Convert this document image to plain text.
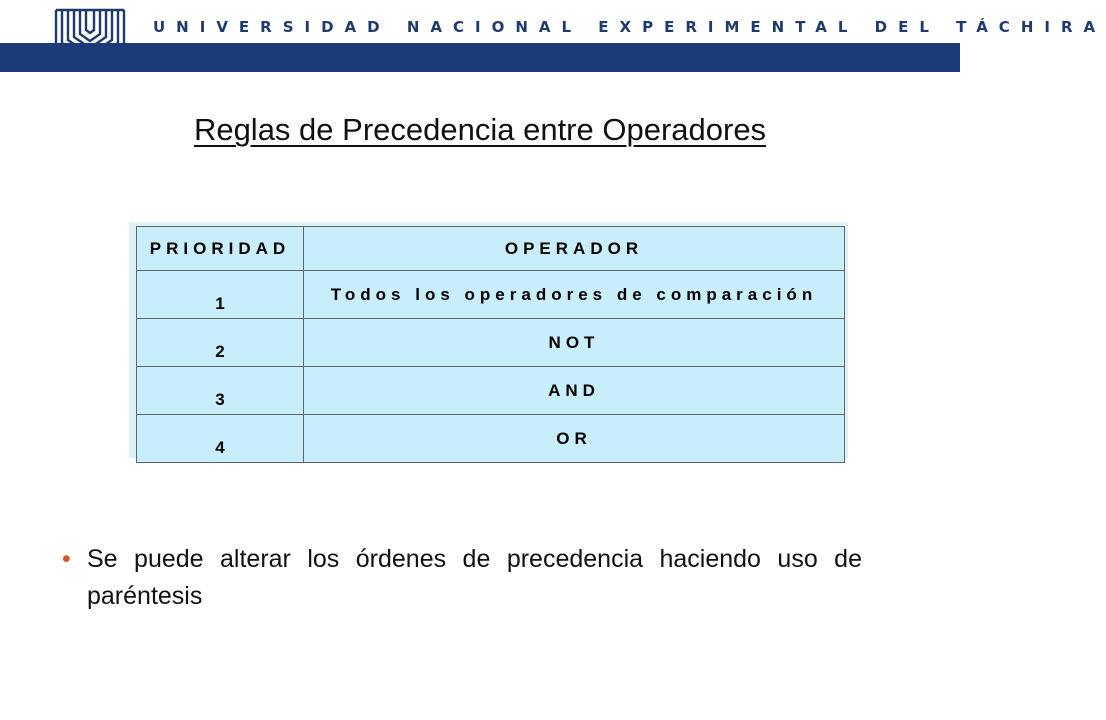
UNIVERSIDAD NACIONAL EXPERIMENTAL DEL TÁCHIRA
Base de Datos
Reglas de Precedencia entre Operadores
PRIORIDAD	OPERADOR
1	Todos los operadores de comparación
2	NOT
3	AND
4	OR
• Se puede alterar los órdenes de precedencia haciendo uso de paréntesis
